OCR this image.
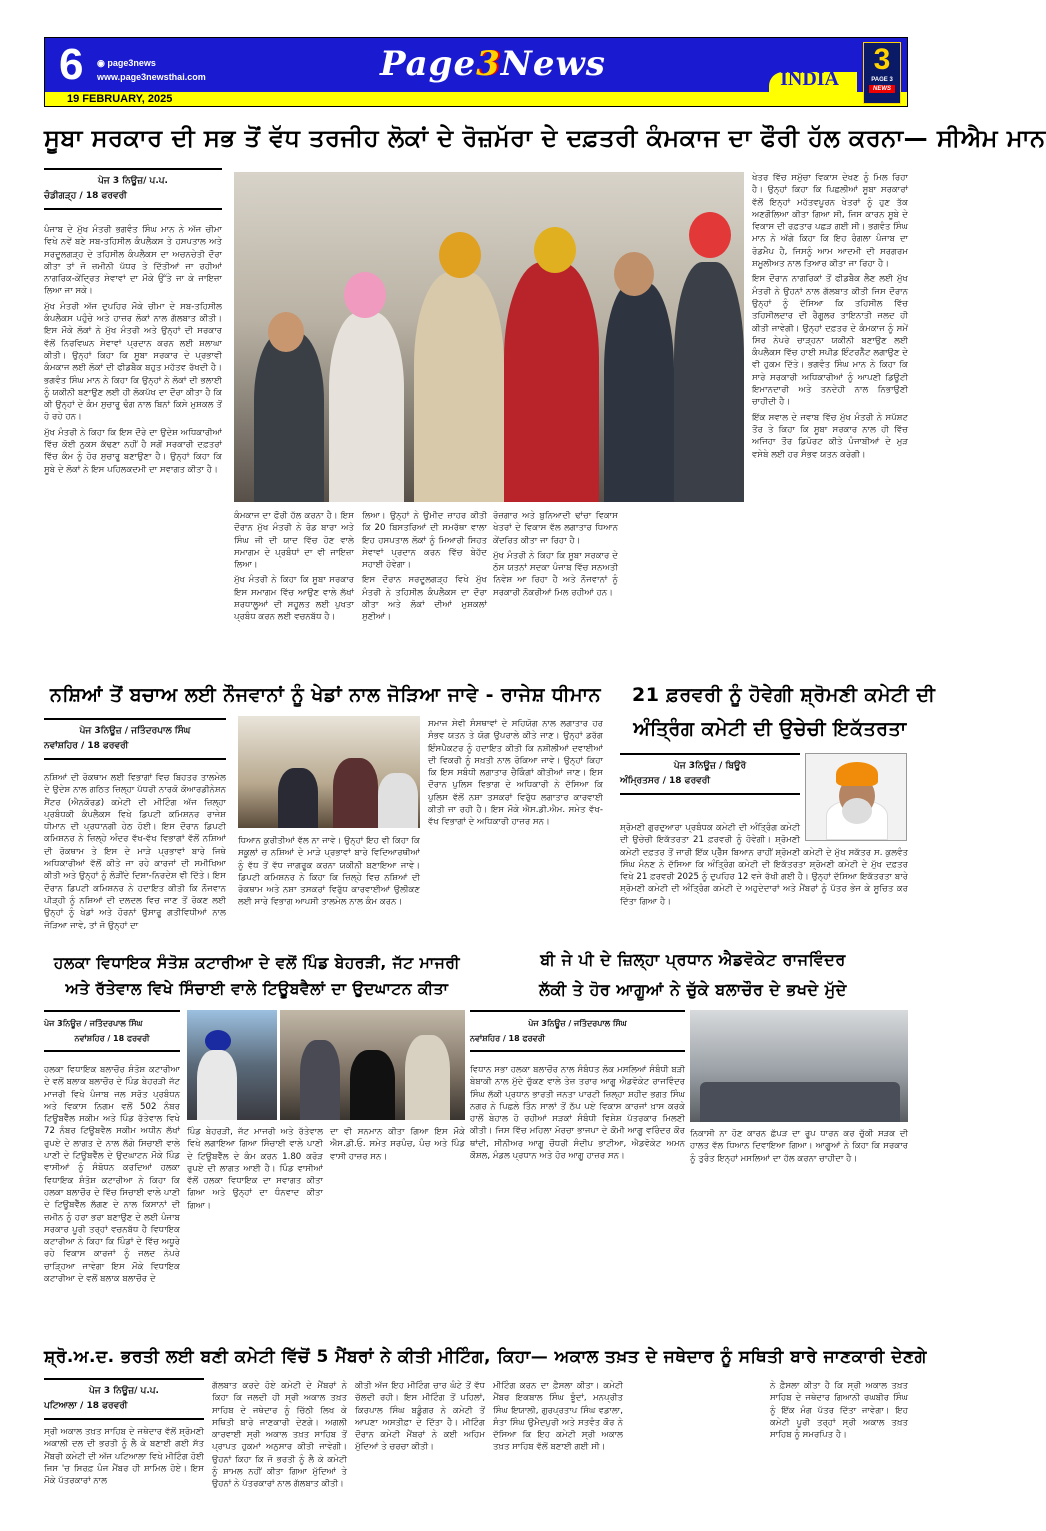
6 ◉ page3news
www.page3newsthai.com
19 FEBRUARY, 2025
Page3News	INDIA
3
PAGE 3
NEWS
ਸੂਬਾ ਸਰਕਾਰ ਦੀ ਸਭ ਤੋਂ ਵੱਧ ਤਰਜੀਹ ਲੋਕਾਂ ਦੇ ਰੋਜ਼ਮੱਰਾ ਦੇ ਦਫ਼ਤਰੀ ਕੰਮਕਾਜ ਦਾ ਫੌਰੀ ਹੱਲ ਕਰਨਾ— ਸੀਐਮ ਮਾਨ
ਪੇਜ 3 ਨਿਊਜ਼/ ਪ.ਪ.
ਚੰਡੀਗੜ੍ਹ / 18 ਫਰਵਰੀ

ਪੰਜਾਬ ਦੇ ਮੁੱਖ ਮੰਤਰੀ ਭਗਵੰਤ ਸਿੰਘ ਮਾਨ ਨੇ ਅੱਜ ਚੀਮਾ ਵਿਖੇ ਨਵੇਂ ਬਣੇ ਸਬ-ਤਹਿਸੀਲ ਕੰਪਲੈਕਸ ਤੇ ਹਸਪਤਾਲ ਅਤੇ ਸਰਦੂਲਗੜ੍ਹ ਦੇ ਤਹਿਸੀਲ ਕੰਪਲੈਕਸ ਦਾ ਅਚਨਚੇਤੀ ਦੌਰਾ ਕੀਤਾ ਤਾਂ ਜੋ ਜ਼ਮੀਨੀ ਪੱਧਰ ਤੇ ਦਿੱਤੀਆਂ ਜਾ ਰਹੀਆਂ ਨਾਗਰਿਕ-ਕੇਂਦ੍ਰਿਤ ਸੇਵਾਵਾਂ ਦਾ ਮੌਕੇ ਉੱਤੇ ਜਾ ਕੇ ਜਾਇਜ਼ਾ ਲਿਆ ਜਾ ਸਕੇ।

ਮੁੱਖ ਮੰਤਰੀ ਅੱਜ ਦੁਪਹਿਰ ਮੌਕੇ ਚੀਮਾ ਦੇ ਸਬ-ਤਹਿਸੀਲ ਕੰਪਲੈਕਸ ਪਹੁੰਚੇ ਅਤੇ ਹਾਜ਼ਰ ਲੋਕਾਂ ਨਾਲ ਗੱਲਬਾਤ ਕੀਤੀ। ਇਸ ਮੌਕੇ ਲੋਕਾਂ ਨੇ ਮੁੱਖ ਮੰਤਰੀ ਅਤੇ ਉਨ੍ਹਾਂ ਦੀ ਸਰਕਾਰ ਵੱਲੋਂ ਨਿਰਵਿਘਨ ਸੇਵਾਵਾਂ ਪ੍ਰਦਾਨ ਕਰਨ ਲਈ ਸ਼ਲਾਘਾ ਕੀਤੀ। ਉਨ੍ਹਾਂ ਕਿਹਾ ਕਿ ਸੂਬਾ ਸਰਕਾਰ ਦੇ ਪ੍ਰਭਾਵੀ ਕੰਮਕਾਜ ਲਈ ਲੋਕਾਂ ਦੀ ਫੀਡਬੈਕ ਬਹੁਤ ਮਹੱਤਵ ਰੱਖਦੀ ਹੈ। ਭਗਵੰਤ ਸਿੰਘ ਮਾਨ ਨੇ ਕਿਹਾ ਕਿ ਉਨ੍ਹਾਂ ਨੇ ਲੋਕਾਂ ਦੀ ਭਲਾਈ ਨੂੰ ਯਕੀਨੀ ਬਣਾਉਣ ਲਈ ਹੀ ਲੋਕਪੱਖ ਦਾ ਦੌਰਾ ਕੀਤਾ ਹੈ ਕਿ ਕੀ ਉਨ੍ਹਾਂ ਦੇ ਕੰਮ ਸੁਚਾਰੂ ਢੰਗ ਨਾਲ ਬਿਨਾਂ ਕਿਸੇ ਮੁਸ਼ਕਲ ਤੋਂ ਹੋ ਰਹੇ ਹਨ।

ਮੁੱਖ ਮੰਤਰੀ ਨੇ ਕਿਹਾ ਕਿ ਇਸ ਦੌਰੇ ਦਾ ਉਦੇਸ਼ ਅਧਿਕਾਰੀਆਂ ਵਿੱਚ ਕੋਈ ਨੁਕਸ ਕੱਢਣਾ ਨਹੀਂ ਹੈ ਸਗੋਂ ਸਰਕਾਰੀ ਦਫ਼ਤਰਾਂ ਵਿੱਚ ਕੰਮ ਨੂੰ ਹੋਰ ਸੁਚਾਰੂ ਬਣਾਉਣਾ ਹੈ। ਉਨ੍ਹਾਂ ਕਿਹਾ ਕਿ ਸੂਬੇ ਦੇ ਲੋਕਾਂ ਨੇ ਇਸ ਪਹਿਲਕਦਮੀ ਦਾ ਸਵਾਗਤ ਕੀਤਾ ਹੈ।

ਕੰਮਕਾਜ ਦਾ ਫੌਰੀ ਹੱਲ ਕਰਨਾ ਹੈ। ਇਸ ਦੌਰਾਨ ਮੁੱਖ ਮੰਤਰੀ ਨੇ ਰੋਡ ਬਾਰਾ ਅਤੇ ਸਿੰਘ ਜੀ ਦੀ ਯਾਦ ਵਿੱਚ ਹੋਣ ਵਾਲੇ ਸਮਾਗਮ ਦੇ ਪ੍ਰਬੰਧਾਂ ਦਾ ਵੀ ਜਾਇਜ਼ਾ ਲਿਆ।

ਮੁੱਖ ਮੰਤਰੀ ਨੇ ਕਿਹਾ ਕਿ ਸੂਬਾ ਸਰਕਾਰ ਇਸ ਸਮਾਗਮ ਵਿੱਚ ਆਉਣ ਵਾਲੇ ਲੱਖਾਂ ਸ਼ਰਧਾਲੂਆਂ ਦੀ ਸਹੂਲਤ ਲਈ ਪੁਖਤਾ ਪ੍ਰਬੰਧ ਕਰਨ ਲਈ ਵਚਨਬੱਧ ਹੈ।

ਲਿਆ। ਉਨ੍ਹਾਂ ਨੇ ਉਮੀਦ ਜ਼ਾਹਰ ਕੀਤੀ ਕਿ 20 ਬਿਸਤਰਿਆਂ ਦੀ ਸਮਰੱਥਾ ਵਾਲਾ ਇਹ ਹਸਪਤਾਲ ਲੋਕਾਂ ਨੂੰ ਮਿਆਰੀ ਸਿਹਤ ਸੇਵਾਵਾਂ ਪ੍ਰਦਾਨ ਕਰਨ ਵਿੱਚ ਬੇਹੱਦ ਸਹਾਈ ਹੋਵੇਗਾ।

ਇਸ ਦੌਰਾਨ ਸਰਦੂਲਗੜ੍ਹ ਵਿਖੇ ਮੁੱਖ ਮੰਤਰੀ ਨੇ ਤਹਿਸੀਲ ਕੰਪਲੈਕਸ ਦਾ ਦੌਰਾ ਕੀਤਾ ਅਤੇ ਲੋਕਾਂ ਦੀਆਂ ਮੁਸ਼ਕਲਾਂ ਸੁਣੀਆਂ।

ਰੋਜ਼ਗਾਰ ਅਤੇ ਬੁਨਿਆਦੀ ਢਾਂਚਾ ਵਿਕਾਸ ਖੇਤਰਾਂ ਦੇ ਵਿਕਾਸ ਵੱਲ ਲਗਾਤਾਰ ਧਿਆਨ ਕੇਂਦਰਿਤ ਕੀਤਾ ਜਾ ਰਿਹਾ ਹੈ।

ਮੁੱਖ ਮੰਤਰੀ ਨੇ ਕਿਹਾ ਕਿ ਸੂਬਾ ਸਰਕਾਰ ਦੇ ਠੋਸ ਯਤਨਾਂ ਸਦਕਾ ਪੰਜਾਬ ਵਿੱਚ ਸਨਅਤੀ ਨਿਵੇਸ਼ ਆ ਰਿਹਾ ਹੈ ਅਤੇ ਨੌਜਵਾਨਾਂ ਨੂੰ ਸਰਕਾਰੀ ਨੌਕਰੀਆਂ ਮਿਲ ਰਹੀਆਂ ਹਨ।

ਖੇਤਰ ਵਿੱਚ ਸਮੁੱਚਾ ਵਿਕਾਸ ਦੇਖਣ ਨੂੰ ਮਿਲ ਰਿਹਾ ਹੈ। ਉਨ੍ਹਾਂ ਕਿਹਾ ਕਿ ਪਿਛਲੀਆਂ ਸੂਬਾ ਸਰਕਾਰਾਂ ਵੱਲੋਂ ਇਨ੍ਹਾਂ ਮਹੱਤਵਪੂਰਨ ਖੇਤਰਾਂ ਨੂੰ ਹੁਣ ਤੱਕ ਅਣਗੌਲਿਆ ਕੀਤਾ ਗਿਆ ਸੀ, ਜਿਸ ਕਾਰਨ ਸੂਬੇ ਦੇ ਵਿਕਾਸ ਦੀ ਰਫ਼ਤਾਰ ਪਛੜ ਗਈ ਸੀ। ਭਗਵੰਤ ਸਿੰਘ ਮਾਨ ਨੇ ਅੱਗੇ ਕਿਹਾ ਕਿ ਇਹ ਰੰਗਲਾ ਪੰਜਾਬ ਦਾ ਰੋਡਮੈਪ ਹੈ, ਜਿਸਨੂੰ ਆਮ ਆਦਮੀ ਦੀ ਸਰਗਰਮ ਸ਼ਮੂਲੀਅਤ ਨਾਲ ਤਿਆਰ ਕੀਤਾ ਜਾ ਰਿਹਾ ਹੈ।

ਇਸ ਦੌਰਾਨ ਨਾਗਰਿਕਾਂ ਤੋਂ ਫੀਡਬੈਕ ਲੈਣ ਲਈ ਮੁੱਖ ਮੰਤਰੀ ਨੇ ਉਹਨਾਂ ਨਾਲ ਗੱਲਬਾਤ ਕੀਤੀ ਜਿਸ ਦੌਰਾਨ ਉਨ੍ਹਾਂ ਨੂੰ ਦੱਸਿਆ ਕਿ ਤਹਿਸੀਲ ਵਿੱਚ ਤਹਿਸੀਲਦਾਰ ਦੀ ਰੈਗੂਲਰ ਤਾਇਨਾਤੀ ਜਲਦ ਹੀ ਕੀਤੀ ਜਾਵੇਗੀ। ਉਨ੍ਹਾਂ ਦਫ਼ਤਰ ਦੇ ਕੰਮਕਾਜ ਨੂੰ ਸਮੇਂ ਸਿਰ ਨੇਪਰੇ ਚਾੜ੍ਹਨਾ ਯਕੀਨੀ ਬਣਾਉਣ ਲਈ ਕੰਪਲੈਕਸ ਵਿੱਚ ਹਾਈ ਸਪੀਡ ਇੰਟਰਨੈੱਟ ਲਗਾਉਣ ਦੇ ਵੀ ਹੁਕਮ ਦਿੱਤੇ। ਭਗਵੰਤ ਸਿੰਘ ਮਾਨ ਨੇ ਕਿਹਾ ਕਿ ਸਾਰੇ ਸਰਕਾਰੀ ਅਧਿਕਾਰੀਆਂ ਨੂੰ ਆਪਣੀ ਡਿਊਟੀ ਇਮਾਨਦਾਰੀ ਅਤੇ ਤਨਦੇਹੀ ਨਾਲ ਨਿਭਾਉਣੀ ਚਾਹੀਦੀ ਹੈ।

ਇੱਕ ਸਵਾਲ ਦੇ ਜਵਾਬ ਵਿੱਚ ਮੁੱਖ ਮੰਤਰੀ ਨੇ ਸਪੱਸ਼ਟ ਤੌਰ ਤੇ ਕਿਹਾ ਕਿ ਸੂਬਾ ਸਰਕਾਰ ਨਾਲ ਹੀ ਵਿੱਚ ਅਜਿਹਾ ਤੌਰ ਡਿਪੋਰਟ ਕੀਤੇ ਪੰਜਾਬੀਆਂ ਦੇ ਮੁੜ ਵਸੇਬੇ ਲਈ ਹਰ ਸੰਭਵ ਯਤਨ ਕਰੇਗੀ।

ਨਸ਼ਿਆਂ ਤੋਂ ਬਚਾਅ ਲਈ ਨੌਜਵਾਨਾਂ ਨੂੰ ਖੇਡਾਂ ਨਾਲ ਜੋੜਿਆ ਜਾਵੇ - ਰਾਜੇਸ਼ ਧੀਮਾਨ
ਪੇਜ 3ਨਿਊਜ਼ / ਜਤਿੰਦਰਪਾਲ ਸਿੰਘ
ਨਵਾਂਸ਼ਹਿਰ / 18 ਫਰਵਰੀ
ਨਸ਼ਿਆਂ ਦੀ ਰੋਕਥਾਮ ਲਈ ਵਿਭਾਗਾਂ ਵਿਚ ਬਿਹਤਰ ਤਾਲਮੇਲ ਦੇ ਉਦੇਸ਼ ਨਾਲ ਗਠਿਤ ਜ਼ਿਲ੍ਹਾ ਪੱਧਰੀ ਨਾਰਕੋ ਕੋਆਰਡੀਨੇਸ਼ਨ ਸੈਂਟਰ (ਐਨਕੋਰਡ) ਕਮੇਟੀ ਦੀ ਮੀਟਿੰਗ ਅੱਜ ਜ਼ਿਲ੍ਹਾ ਪ੍ਰਬੰਧਕੀ ਕੰਪਲੈਕਸ ਵਿਖੇ ਡਿਪਟੀ ਕਮਿਸ਼ਨਰ ਰਾਜੇਸ਼ ਧੀਮਾਨ ਦੀ ਪ੍ਰਧਾਨਗੀ ਹੇਠ ਹੋਈ। ਇਸ ਦੌਰਾਨ ਡਿਪਟੀ ਕਮਿਸ਼ਨਰ ਨੇ ਜ਼ਿਲ੍ਹੇ ਅੰਦਰ ਵੱਖ-ਵੱਖ ਵਿਭਾਗਾਂ ਵੱਲੋਂ ਨਸ਼ਿਆਂ ਦੀ ਰੋਕਥਾਮ ਤੇ ਇਸ ਦੇ ਮਾੜੇ ਪ੍ਰਭਾਵਾਂ ਬਾਰੇ ਜਿਥੇ ਅਧਿਕਾਰੀਆਂ ਵੱਲੋਂ ਕੀਤੇ ਜਾ ਰਹੇ ਕਾਰਜਾਂ ਦੀ ਸਮੀਖਿਆ ਕੀਤੀ ਅਤੇ ਉਨ੍ਹਾਂ ਨੂੰ ਲੋੜੀਂਦੇ ਦਿਸ਼ਾ-ਨਿਰਦੇਸ਼ ਵੀ ਦਿੱਤੇ। ਇਸ ਦੌਰਾਨ ਡਿਪਟੀ ਕਮਿਸ਼ਨਰ ਨੇ ਹਦਾਇਤ ਕੀਤੀ ਕਿ ਨੌਜਵਾਨ ਪੀੜ੍ਹੀ ਨੂੰ ਨਸ਼ਿਆਂ ਦੀ ਦਲਦਲ ਵਿਚ ਜਾਣ ਤੋਂ ਰੋਕਣ ਲਈ ਉਨ੍ਹਾਂ ਨੂੰ ਖੇਡਾਂ ਅਤੇ ਹੋਰਨਾਂ ਉਸਾਰੂ ਗਤੀਵਿਧੀਆਂ ਨਾਲ ਜੋੜਿਆ ਜਾਵੇ, ਤਾਂ ਜੋ ਉਨ੍ਹਾਂ ਦਾ
ਧਿਆਨ ਕੁਰੀਤੀਆਂ ਵੱਲ ਨਾ ਜਾਵੇ। ਉਨ੍ਹਾਂ ਇਹ ਵੀ ਕਿਹਾ ਕਿ ਸਕੂਲਾਂ ਚ ਨਸ਼ਿਆਂ ਦੇ ਮਾੜੇ ਪ੍ਰਭਾਵਾਂ ਬਾਰੇ ਵਿਦਿਆਰਥੀਆਂ ਨੂੰ ਵੱਧ ਤੋਂ ਵੱਧ ਜਾਗਰੂਕ ਕਰਨਾ ਯਕੀਨੀ ਬਣਾਇਆ ਜਾਵੇ। ਡਿਪਟੀ ਕਮਿਸ਼ਨਰ ਨੇ ਕਿਹਾ ਕਿ ਜ਼ਿਲ੍ਹੇ ਵਿਚ ਨਸ਼ਿਆਂ ਦੀ ਰੋਕਥਾਮ ਅਤੇ ਨਸ਼ਾ ਤਸਕਰਾਂ ਵਿਰੁੱਧ ਕਾਰਵਾਈਆਂ ਉਲੀਕਣ ਲਈ ਸਾਰੇ ਵਿਭਾਗ ਆਪਸੀ ਤਾਲਮੇਲ ਨਾਲ ਕੰਮ ਕਰਨ।
ਸਮਾਜ ਸੇਵੀ ਸੰਸਥਾਵਾਂ ਦੇ ਸਹਿਯੋਗ ਨਾਲ ਲਗਾਤਾਰ ਹਰ ਸੰਭਵ ਯਤਨ ਤੇ ਯੋਗ ਉਪਰਾਲੇ ਕੀਤੇ ਜਾਣ। ਉਨ੍ਹਾਂ ਡਰੱਗ ਇੰਸਪੈਕਟਰ ਨੂੰ ਹਦਾਇਤ ਕੀਤੀ ਕਿ ਨਸ਼ੀਲੀਆਂ ਦਵਾਈਆਂ ਦੀ ਵਿਕਰੀ ਨੂੰ ਸਖ਼ਤੀ ਨਾਲ ਰੋਕਿਆ ਜਾਵੇ। ਉਨ੍ਹਾਂ ਕਿਹਾ ਕਿ ਇਸ ਸਬੰਧੀ ਲਗਾਤਾਰ ਚੈਕਿੰਗਾਂ ਕੀਤੀਆਂ ਜਾਣ। ਇਸ ਦੌਰਾਨ ਪੁਲਿਸ ਵਿਭਾਗ ਦੇ ਅਧਿਕਾਰੀ ਨੇ ਦੱਸਿਆ ਕਿ ਪੁਲਿਸ ਵੱਲੋਂ ਨਸ਼ਾ ਤਸਕਰਾਂ ਵਿਰੁੱਧ ਲਗਾਤਾਰ ਕਾਰਵਾਈ ਕੀਤੀ ਜਾ ਰਹੀ ਹੈ। ਇਸ ਮੌਕੇ ਐਸ.ਡੀ.ਐਮ. ਸਮੇਤ ਵੱਖ-ਵੱਖ ਵਿਭਾਗਾਂ ਦੇ ਅਧਿਕਾਰੀ ਹਾਜ਼ਰ ਸਨ।
21 ਫ਼ਰਵਰੀ ਨੂੰ ਹੋਵੇਗੀ ਸ਼੍ਰੋਮਣੀ ਕਮੇਟੀ ਦੀ
ਅੰਤ੍ਰਿੰਗ ਕਮੇਟੀ ਦੀ ਉਚੇਚੀ ਇਕੱਤਰਤਾ
ਪੇਜ 3ਨਿਊਜ਼ / ਬਿਊਰੋ
ਅੰਮ੍ਰਿਤਸਰ / 18 ਫਰਵਰੀ
ਸ਼੍ਰੋਮਣੀ ਗੁਰਦੁਆਰਾ ਪ੍ਰਬੰਧਕ ਕਮੇਟੀ ਦੀ ਅੰਤ੍ਰਿੰਗ ਕਮੇਟੀ ਦੀ ਉਚੇਚੀ ਇਕੱਤਰਤਾ 21 ਫ਼ਰਵਰੀ ਨੂੰ ਹੋਵੇਗੀ। ਸ਼੍ਰੋਮਣੀ ਕਮੇਟੀ ਦਫ਼ਤਰ ਤੋਂ ਜਾਰੀ ਇੱਕ ਪ੍ਰੈੱਸ ਬਿਆਨ ਰਾਹੀਂ ਸ਼੍ਰੋਮਣੀ ਕਮੇਟੀ ਦੇ ਮੁੱਖ ਸਕੱਤਰ ਸ. ਕੁਲਵੰਤ ਸਿੰਘ ਮੰਨਣ ਨੇ ਦੱਸਿਆ ਕਿ ਅੰਤ੍ਰਿੰਗ ਕਮੇਟੀ ਦੀ ਇਕੱਤਰਤਾ ਸ਼੍ਰੋਮਣੀ ਕਮੇਟੀ ਦੇ ਮੁੱਖ ਦਫ਼ਤਰ ਵਿਖੇ 21 ਫ਼ਰਵਰੀ 2025 ਨੂੰ ਦੁਪਹਿਰ 12 ਵਜੇ ਰੱਖੀ ਗਈ ਹੈ। ਉਨ੍ਹਾਂ ਦੱਸਿਆ ਇਕੱਤਰਤਾ ਬਾਰੇ ਸ਼੍ਰੋਮਣੀ ਕਮੇਟੀ ਦੀ ਅੰਤ੍ਰਿੰਗ ਕਮੇਟੀ ਦੇ ਅਹੁਦੇਦਾਰਾਂ ਅਤੇ ਮੈਂਬਰਾਂ ਨੂੰ ਪੱਤਰ ਭੇਜ ਕੇ ਸੂਚਿਤ ਕਰ ਦਿੱਤਾ ਗਿਆ ਹੈ।
ਹਲਕਾ ਵਿਧਾਇਕ ਸੰਤੋਸ਼ ਕਟਾਰੀਆ ਦੇ ਵਲੋਂ ਪਿੰਡ ਬੇਹਰੜੀ, ਜੱਟ ਮਾਜਰੀ
ਅਤੇ ਰੱਤੇਵਾਲ ਵਿਖੇ ਸਿੰਚਾਈ ਵਾਲੇ ਟਿਊਬਵੈਲਾਂ ਦਾ ਉਦਘਾਟਨ ਕੀਤਾ
ਪੇਜ 3ਨਿਊਜ਼ / ਜਤਿੰਦਰਪਾਲ ਸਿੰਘ
ਨਵਾਂਸ਼ਹਿਰ / 18 ਫਰਵਰੀ
ਹਲਕਾ ਵਿਧਾਇਕ ਬਲਾਚੌਰ ਸ਼ੰਤੋਸ਼ ਕਟਾਰੀਆ ਦੇ ਵਲੋਂ ਬਲਾਕ ਬਲਾਚੌਰ ਦੇ ਪਿੰਡ ਬੇਹਰੜੀ ਜੱਟ ਮਾਜਰੀ ਵਿਖੇ ਪੰਜਾਬ ਜਲ ਸਰੋਤ ਪ੍ਰਬੰਧਨ ਅਤੇ ਵਿਕਾਸ ਨਿਗਮ ਵਲੋਂ 502 ਨੰਬਰ ਟਿਊਬਵੈੱਲ ਸਕੀਮ ਅਤੇ ਪਿੰਡ ਰੱਤੇਵਾਲ ਵਿਖੇ 72 ਨੰਬਰ ਟਿਊਬਵੈਲ ਸਕੀਮ ਅਧੀਨ ਲੱਖਾਂ ਰੁਪਏ ਦੇ ਲਾਗਤ ਦੇ ਨਾਲ ਲੱਗੇ ਸਿਚਾਈ ਵਾਲੇ ਪਾਣੀ ਦੇ ਟਿਊਬਵੈੱਲ ਦੇ ਉਦਘਾਟਨ ਮੌਕੇ ਪਿੰਡ ਵਾਸੀਆਂ ਨੂੰ ਸੰਬੋਧਨ ਕਰਦਿਆਂ ਹਲਕਾ ਵਿਧਾਇਕ ਸ਼ੰਤੋਸ਼ ਕਟਾਰੀਆ ਨੇ ਕਿਹਾ ਕਿ ਹਲਕਾ ਬਲਾਚੌਰ ਦੇ ਵਿੱਚ ਸਿਚਾਈ ਵਾਲੇ ਪਾਣੀ ਦੇ ਟਿਊਬਵੈੱਲ ਲੱਗਣ ਦੇ ਨਾਲ ਕਿਸਾਨਾਂ ਦੀ ਜ਼ਮੀਨ ਨੂੰ ਹਰਾ ਭਰਾ ਬਣਾਉਣ ਦੇ ਲਈ ਪੰਜਾਬ ਸਰਕਾਰ ਪੂਰੀ ਤਰ੍ਹਾਂ ਵਚਨਬੱਧ ਹੈ ਵਿਧਾਇਕ ਕਟਾਰੀਆ ਨੇ ਕਿਹਾ ਕਿ ਪਿੰਡਾਂ ਦੇ ਵਿੱਚ ਅਧੂਰੇ ਰਹੇ ਵਿਕਾਸ ਕਾਰਜਾਂ ਨੂੰ ਜਲਦ ਨੇਪਰੇ ਚਾੜ੍ਹਿਆ ਜਾਵੇਗਾ ਇਸ ਮੌਕੇ ਵਿਧਾਇਕ ਕਟਾਰੀਆ ਦੇ ਵਲੋਂ ਬਲਾਕ ਬਲਾਚੌਰ ਦੇ
ਪਿੰਡ ਬੇਹਰੜੀ, ਜੱਟ ਮਾਜਰੀ ਅਤੇ ਰੱਤੇਵਾਲ ਵਿਖੇ ਲਗਾਇਆ ਗਿਆ ਸਿੰਚਾਈ ਵਾਲੇ ਪਾਣੀ ਦੇ ਟਿਊਬਵੈੱਲ ਦੇ ਕੰਮ ਕਰਨ 1.80 ਕਰੋੜ ਰੁਪਏ ਦੀ ਲਾਗਤ ਆਈ ਹੈ। ਪਿੰਡ ਵਾਸੀਆਂ ਵੱਲੋਂ ਹਲਕਾ ਵਿਧਾਇਕ ਦਾ ਸਵਾਗਤ ਕੀਤਾ ਗਿਆ ਅਤੇ ਉਨ੍ਹਾਂ ਦਾ ਧੰਨਵਾਦ ਕੀਤਾ ਗਿਆ।
ਦਾ ਵੀ ਸਨਮਾਨ ਕੀਤਾ ਗਿਆ ਇਸ ਮੌਕੇ ਐਸ.ਡੀ.ਓ. ਸਮੇਤ ਸਰਪੰਚ, ਪੰਚ ਅਤੇ ਪਿੰਡ ਵਾਸੀ ਹਾਜ਼ਰ ਸਨ।
ਬੀ ਜੇ ਪੀ ਦੇ ਜ਼ਿਲ੍ਹਾ ਪ੍ਰਧਾਨ ਐਡਵੋਕੇਟ ਰਾਜਵਿੰਦਰ
ਲੱਕੀ ਤੇ ਹੋਰ ਆਗੂਆਂ ਨੇ ਚੁੱਕੇ ਬਲਾਚੌਰ ਦੇ ਭਖਦੇ ਮੁੱਦੇ
ਪੇਜ 3ਨਿਊਜ਼ / ਜਤਿੰਦਰਪਾਲ ਸਿੰਘ
ਨਵਾਂਸ਼ਹਿਰ / 18 ਫਰਵਰੀ
ਵਿਧਾਨ ਸਭਾ ਹਲਕਾ ਬਲਾਚੌਰ ਨਾਲ ਸੰਬੰਧਤ ਲੋਕ ਮਸਲਿਆਂ ਸੰਬੰਧੀ ਬੜੀ ਬੇਬਾਕੀ ਨਾਲ ਮੁੱਦੇ ਚੁੱਕਣ ਵਾਲੇ ਤੇਜ਼ ਤਰਾਰ ਆਗੂ ਐਡਵੋਕੇਟ ਰਾਜਵਿੰਦਰ ਸਿੰਘ ਲੱਕੀ ਪ੍ਰਧਾਨ ਭਾਰਤੀ ਜਨਤਾ ਪਾਰਟੀ ਜ਼ਿਲ੍ਹਾ ਸ਼ਹੀਦ ਭਗਤ ਸਿੰਘ ਨਗਰ ਨੇ ਪਿਛਲੇ ਤਿੰਨ ਸਾਲਾਂ ਤੋਂ ਠੱਪ ਪਏ ਵਿਕਾਸ ਕਾਰਜਾਂ ਖ਼ਾਸ ਕਰਕੇ ਹਾਲੋਂ ਬੇਹਾਲ ਹੋ ਰਹੀਆਂ ਸੜਕਾਂ ਸੰਬੰਧੀ ਵਿਸ਼ੇਸ਼ ਪੱਤਰਕਾਰ ਮਿਲਣੀ ਕੀਤੀ। ਜਿਸ ਵਿੱਚ ਮਹਿਲਾ ਮੋਰਚਾ ਭਾਜਪਾ ਦੇ ਕੌਮੀ ਆਗੂ ਵਰਿੰਦਰ ਕੌਰ ਥਾਂਦੀ, ਸੀਨੀਅਰ ਆਗੂ ਚੌਧਰੀ ਸੰਦੀਪ ਭਾਟੀਆ, ਐਡਵੋਕੇਟ ਅਮਨ ਕੌਸ਼ਲ, ਮੰਡਲ ਪ੍ਰਧਾਨ ਅਤੇ ਹੋਰ ਆਗੂ ਹਾਜ਼ਰ ਸਨ।
ਨਿਕਾਸੀ ਨਾ ਹੋਣ ਕਾਰਨ ਛੱਪੜ ਦਾ ਰੂਪ ਧਾਰਨ ਕਰ ਚੁੱਕੀ ਸੜਕ ਦੀ ਹਾਲਤ ਵੱਲ ਧਿਆਨ ਦਿਵਾਇਆ ਗਿਆ। ਆਗੂਆਂ ਨੇ ਕਿਹਾ ਕਿ ਸਰਕਾਰ ਨੂੰ ਤੁਰੰਤ ਇਨ੍ਹਾਂ ਮਸਲਿਆਂ ਦਾ ਹੱਲ ਕਰਨਾ ਚਾਹੀਦਾ ਹੈ।
ਸ਼੍ਰੋ.ਅ.ਦ. ਭਰਤੀ ਲਈ ਬਣੀ ਕਮੇਟੀ ਵਿੱਚੋਂ 5 ਮੈਂਬਰਾਂ ਨੇ ਕੀਤੀ ਮੀਟਿੰਗ, ਕਿਹਾ— ਅਕਾਲ ਤਖ਼ਤ ਦੇ ਜਥੇਦਾਰ ਨੂੰ ਸਥਿਤੀ ਬਾਰੇ ਜਾਣਕਾਰੀ ਦੇਣਗੇ
ਪੇਜ 3 ਨਿਊਜ਼/ ਪ.ਪ.
ਪਟਿਆਲਾ / 18 ਫਰਵਰੀ
ਸ੍ਰੀ ਅਕਾਲ ਤਖ਼ਤ ਸਾਹਿਬ ਦੇ ਜਥੇਦਾਰ ਵੱਲੋਂ ਸ਼੍ਰੋਮਣੀ ਅਕਾਲੀ ਦਲ ਦੀ ਭਰਤੀ ਨੂੰ ਲੈ ਕੇ ਬਣਾਈ ਗਈ ਸੱਤ ਮੈਂਬਰੀ ਕਮੇਟੀ ਦੀ ਅੱਜ ਪਟਿਆਲਾ ਵਿਖੇ ਮੀਟਿੰਗ ਹੋਈ ਜਿਸ 'ਚ ਸਿਰਫ਼ ਪੰਜ ਮੈਂਬਰ ਹੀ ਸ਼ਾਮਿਲ ਹੋਏ। ਇਸ ਮੌਕੇ ਪੱਤਰਕਾਰਾਂ ਨਾਲ
ਗੱਲਬਾਤ ਕਰਦੇ ਹੋਏ ਕਮੇਟੀ ਦੇ ਮੈਂਬਰਾਂ ਨੇ ਕਿਹਾ ਕਿ ਜਲਦੀ ਹੀ ਸ੍ਰੀ ਅਕਾਲ ਤਖ਼ਤ ਸਾਹਿਬ ਦੇ ਜਥੇਦਾਰ ਨੂੰ ਚਿੱਠੀ ਲਿਖ ਕੇ ਸਥਿਤੀ ਬਾਰੇ ਜਾਣਕਾਰੀ ਦੇਣਗੇ। ਅਗਲੀ ਕਾਰਵਾਈ ਸ੍ਰੀ ਅਕਾਲ ਤਖ਼ਤ ਸਾਹਿਬ ਤੋਂ ਪ੍ਰਾਪਤ ਹੁਕਮਾਂ ਅਨੁਸਾਰ ਕੀਤੀ ਜਾਵੇਗੀ। ਉਹਨਾਂ ਕਿਹਾ ਕਿ ਜੋ ਭਰਤੀ ਨੂੰ ਲੈ ਕੇ ਕਮੇਟੀ ਨੂੰ ਸ਼ਾਮਲ ਨਹੀਂ ਕੀਤਾ ਗਿਆ ਮੁੱਦਿਆਂ ਤੇ ਉਹਨਾਂ ਨੇ ਪੱਤਰਕਾਰਾਂ ਨਾਲ ਗੱਲਬਾਤ ਕੀਤੀ।
ਕੀਤੀ ਅੱਜ ਇਹ ਮੀਟਿੰਗ ਚਾਰ ਘੰਟੇ ਤੋਂ ਵੱਧ ਚੱਲਦੀ ਰਹੀ। ਇਸ ਮੀਟਿੰਗ ਤੋਂ ਪਹਿਲਾਂ, ਕਿਰਪਾਲ ਸਿੰਘ ਬਡੂੰਗਰ ਨੇ ਕਮੇਟੀ ਤੋਂ ਆਪਣਾ ਅਸਤੀਫ਼ਾ ਦੇ ਦਿੱਤਾ ਹੈ। ਮੀਟਿੰਗ ਦੌਰਾਨ ਕਮੇਟੀ ਮੈਂਬਰਾਂ ਨੇ ਕਈ ਅਹਿਮ ਮੁੱਦਿਆਂ ਤੇ ਚਰਚਾ ਕੀਤੀ।
ਮੀਟਿੰਗ ਕਰਨ ਦਾ ਫ਼ੈਸਲਾ ਕੀਤਾ। ਕਮੇਟੀ ਮੈਂਬਰ ਇਕਬਾਲ ਸਿੰਘ ਝੂੰਦਾਂ, ਮਨਪ੍ਰੀਤ ਸਿੰਘ ਇਯਾਲੀ, ਗੁਰਪ੍ਰਤਾਪ ਸਿੰਘ ਵਡਾਲਾ, ਸੰਤਾ ਸਿੰਘ ਉਮੈਦਪੁਰੀ ਅਤੇ ਸਤਵੰਤ ਕੌਰ ਨੇ ਦੱਸਿਆ ਕਿ ਇਹ ਕਮੇਟੀ ਸ੍ਰੀ ਅਕਾਲ ਤਖ਼ਤ ਸਾਹਿਬ ਵੱਲੋਂ ਬਣਾਈ ਗਈ ਸੀ।
ਨੇ ਫ਼ੈਸਲਾ ਕੀਤਾ ਹੈ ਕਿ ਸ੍ਰੀ ਅਕਾਲ ਤਖ਼ਤ ਸਾਹਿਬ ਦੇ ਜਥੇਦਾਰ ਗਿਆਨੀ ਰਘਬੀਰ ਸਿੰਘ ਨੂੰ ਇੱਕ ਮੰਗ ਪੱਤਰ ਦਿੱਤਾ ਜਾਵੇਗਾ। ਇਹ ਕਮੇਟੀ ਪੂਰੀ ਤਰ੍ਹਾਂ ਸ੍ਰੀ ਅਕਾਲ ਤਖ਼ਤ ਸਾਹਿਬ ਨੂੰ ਸਮਰਪਿਤ ਹੈ।
